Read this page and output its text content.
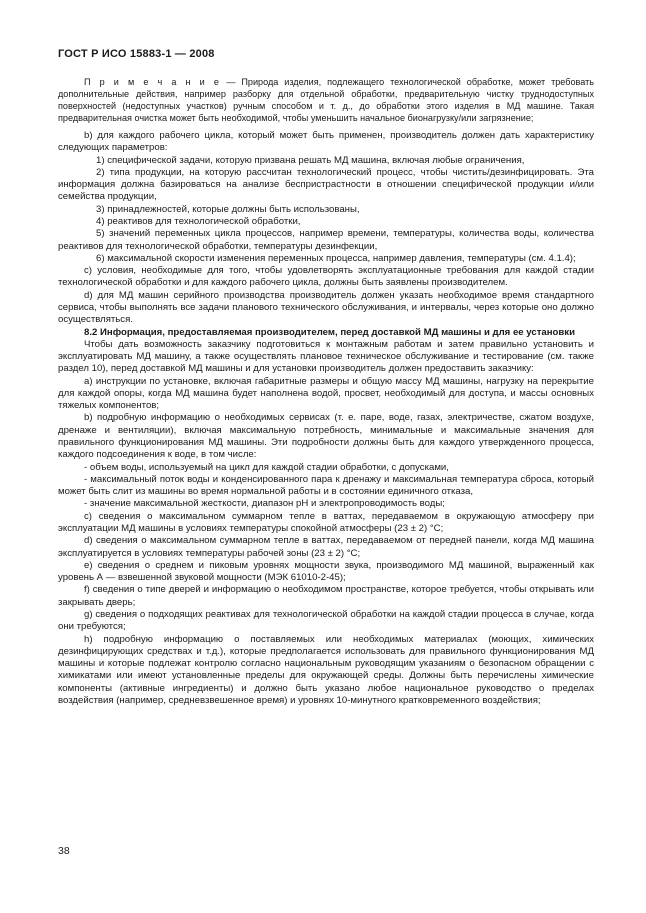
ГОСТ Р ИСО 15883-1 — 2008

П р и м е ч а н и е — Природа изделия, подлежащего технологической обработке, может требовать дополнительные действия, например разборку для отдельной обработки, предварительную чистку труднодоступных поверхностей (недоступных участков) ручным способом и т. д., до обработки этого изделия в МД машине. Такая предварительная очистка может быть необходимой, чтобы уменьшить начальное бионагрузку/или загрязнение;

b) для каждого рабочего цикла, который может быть применен, производитель должен дать характеристику следующих параметров:

1) специфической задачи, которую призвана решать МД машина, включая любые ограничения,

2) типа продукции, на которую рассчитан технологический процесс, чтобы чистить/дезинфицировать. Эта информация должна базироваться на анализе беспристрастности в отношении специфической продукции и/или семейства продукции,

3) принадлежностей, которые должны быть использованы,

4) реактивов для технологической обработки,

5) значений переменных цикла процессов, например времени, температуры, количества воды, количества реактивов для технологической обработки, температуры дезинфекции,

6) максимальной скорости изменения переменных процесса, например давления, температуры (см. 4.1.4);

c) условия, необходимые для того, чтобы удовлетворять эксплуатационные требования для каждой стадии технологической обработки и для каждого рабочего цикла, должны быть заявлены производителем.

d) для МД машин серийного производства производитель должен указать необходимое время стандартного сервиса, чтобы выполнять все задачи планового технического обслуживания, и интервалы, через которые оно должно осуществляться.

8.2 Информация, предоставляемая производителем, перед доставкой МД машины и для ее установки

Чтобы дать возможность заказчику подготовиться к монтажным работам и затем правильно установить и эксплуатировать МД машину, а также осуществлять плановое техническое обслуживание и тестирование (см. также раздел 10), перед доставкой МД машины и для установки производитель должен предоставить заказчику:

a) инструкции по установке, включая габаритные размеры и общую массу МД машины, нагрузку на перекрытие для каждой опоры, когда МД машина будет наполнена водой, просвет, необходимый для доступа, и массы основных тяжелых компонентов;

b) подробную информацию о необходимых сервисах (т. е. паре, воде, газах, электричестве, сжатом воздухе, дренаже и вентиляции), включая максимальную потребность, минимальные и максимальные значения для правильного функционирования МД машины. Эти подробности должны быть для каждого утвержденного процесса, каждого подсоединения к воде, в том числе:

- объем воды, используемый на цикл для каждой стадии обработки, с допусками,

- максимальный поток воды и конденсированного пара к дренажу и максимальная температура сброса, который может быть слит из машины во время нормальной работы и в состоянии единичного отказа,

- значение максимальной жесткости, диапазон pH и электропроводимость воды;

c) сведения о максимальном суммарном тепле в ваттах, передаваемом в окружающую атмосферу при эксплуатации МД машины в условиях температуры спокойной атмосферы (23 ± 2) °C;

d) сведения о максимальном суммарном тепле в ваттах, передаваемом от передней панели, когда МД машина эксплуатируется в условиях температуры рабочей зоны (23 ± 2) °C;

e) сведения о среднем и пиковым уровнях мощности звука, производимого МД машиной, выраженный как уровень А — взвешенной звуковой мощности (МЭК 61010-2-45);

f) сведения о типе дверей и информацию о необходимом пространстве, которое требуется, чтобы открывать или закрывать дверь;

g) сведения о подходящих реактивах для технологической обработки на каждой стадии процесса в случае, когда они требуются;

h) подробную информацию о поставляемых или необходимых материалах (моющих, химических дезинфицирующих средствах и т.д.), которые предполагается использовать для правильного функционирования МД машины и которые подлежат контролю согласно национальным руководящим указаниям о безопасном обращении с химикатами или имеют установленные пределы для окружающей среды. Должны быть перечислены химические компоненты (активные ингредиенты) и должно быть указано любое национальное руководство о пределах воздействия (например, средневзвешенное время) и уровнях 10-минутного кратковременного воздействия;

38
